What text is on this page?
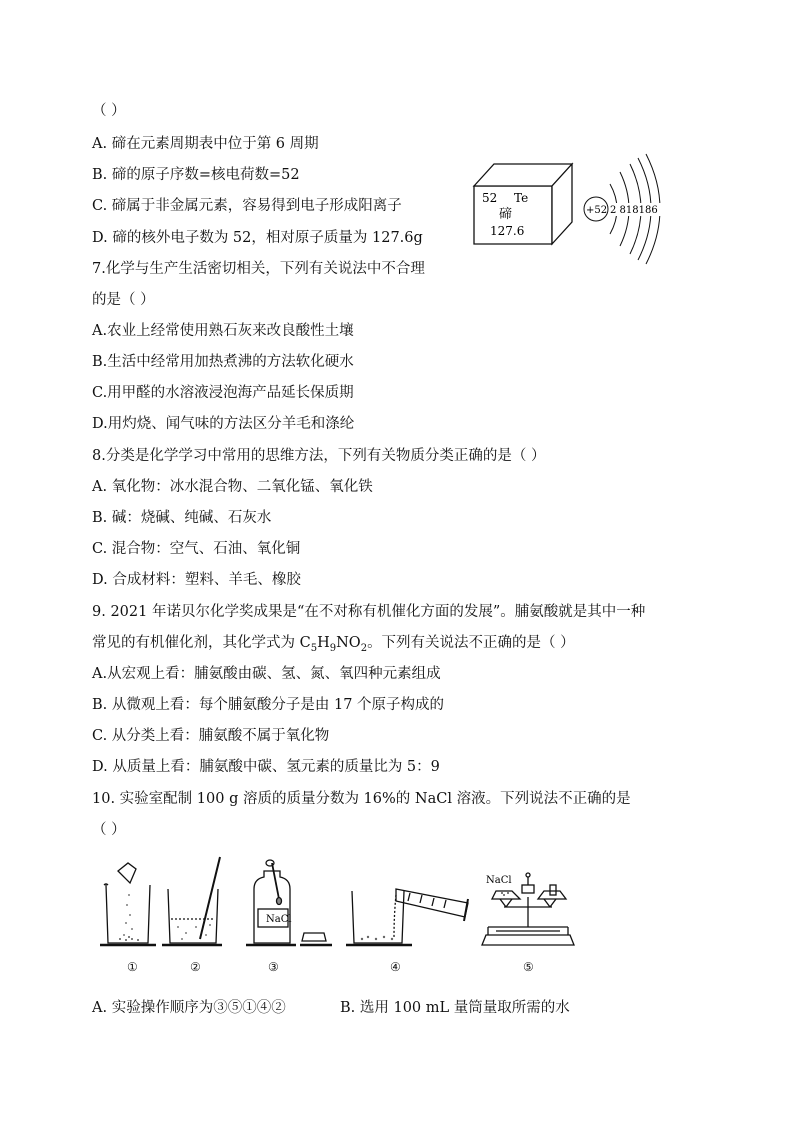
（ ）
A. 碲在元素周期表中位于第 6 周期
B. 碲的原子序数=核电荷数=52
C. 碲属于非金属元素，容易得到电子形成阳离子
D. 碲的核外电子数为 52，相对原子质量为 127.6g
52 Te
碲
127.6
+52 2 818186
7.化学与生产生活密切相关，下列有关说法中不合理
的是（ ）
A.农业上经常使用熟石灰来改良酸性土壤
B.生活中经常用加热煮沸的方法软化硬水
C.用甲醛的水溶液浸泡海产品延长保质期
D.用灼烧、闻气味的方法区分羊毛和涤纶
8.分类是化学学习中常用的思维方法，下列有关物质分类正确的是（ ）
A. 氧化物：冰水混合物、二氧化锰、氧化铁
B. 碱：烧碱、纯碱、石灰水
C. 混合物：空气、石油、氧化铜
D. 合成材料：塑料、羊毛、橡胶
9. 2021 年诺贝尔化学奖成果是“在不对称有机催化方面的发展”。脯氨酸就是其中一种
常见的有机催化剂，其化学式为 $C_5H_9NO_2$。下列有关说法不正确的是（ ）
A.从宏观上看：脯氨酸由碳、氢、氮、氧四种元素组成
B. 从微观上看：每个脯氨酸分子是由 17 个原子构成的
C. 从分类上看：脯氨酸不属于氧化物
D. 从质量上看：脯氨酸中碳、氢元素的质量比为 5：9
10. 实验室配制 100 g 溶质的质量分数为 16%的 NaCl 溶液。下列说法不正确的是
（ ）
NaCl
NaCl
①	②	③	④	⑤
A. 实验操作顺序为③⑤①④②	B. 选用 100 mL 量筒量取所需的水
